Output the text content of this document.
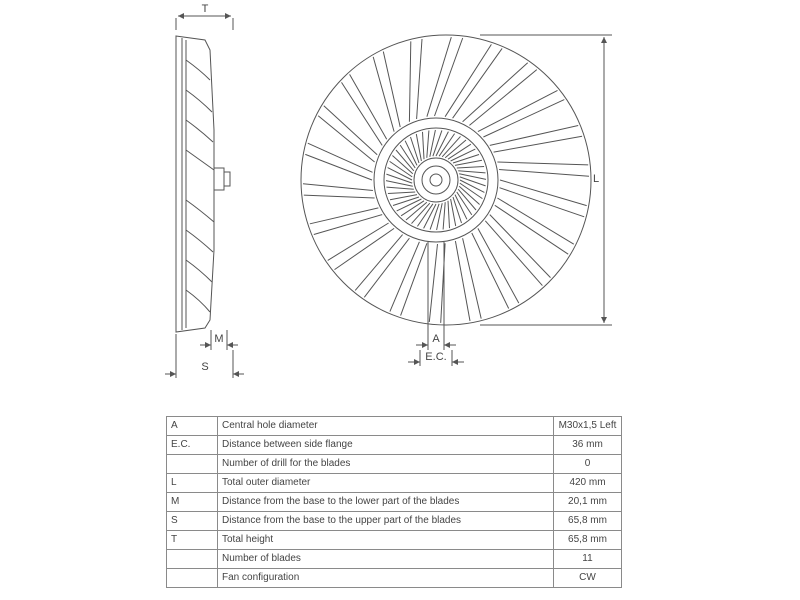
T
M
S
A
E.C.
L
A	Central hole diameter	M30x1,5 Left
E.C.	Distance between side flange	36 mm
	Number of drill for the blades	0
L	Total outer diameter	420 mm
M	Distance from the base to the lower part of the blades	20,1 mm
S	Distance from the base to the upper part of the blades	65,8 mm
T	Total height	65,8 mm
	Number of blades	11
	Fan configuration	CW
